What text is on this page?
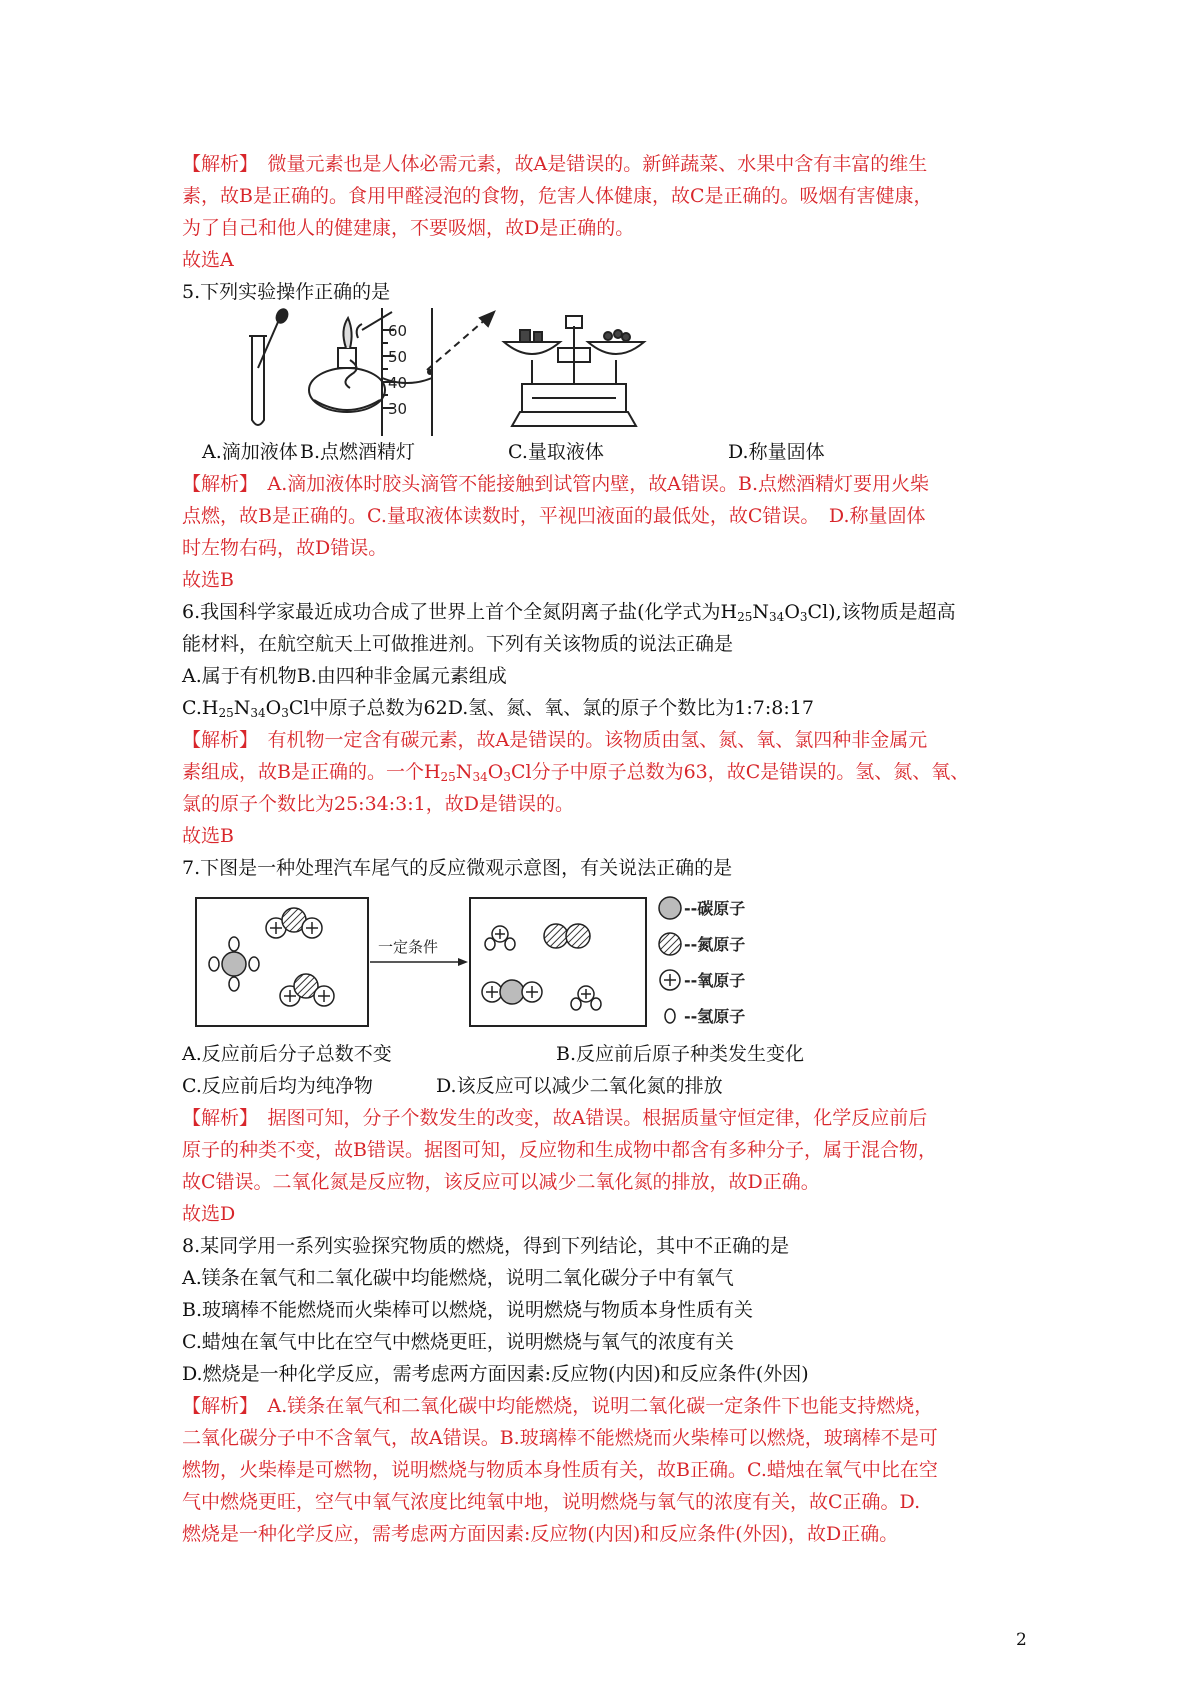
【解析】　微量元素也是人体必需元素，故A是错误的。新鲜蔬菜、水果中含有丰富的维生
素，故B是正确的。食用甲醛浸泡的食物，危害人体健康，故C是正确的。吸烟有害健康，
为了自己和他人的健建康，不要吸烟，故D是正确的。
故选A
5.下列实验操作正确的是
60
50
40
30
A.滴加液体 B.点燃酒精灯	C.量取液体	D.称量固体
【解析】　A.滴加液体时胶头滴管不能接触到试管内壁，故A错误。B.点燃酒精灯要用火柴
点燃，故B是正确的。C.量取液体读数时，平视凹液面的最低处，故C错误。　D.称量固体
时左物右码，故D错误。
故选B
6.我国科学家最近成功合成了世界上首个全氮阴离子盐(化学式为$H_{25}N_{34}O_3Cl$),该物质是超高
能材料，在航空航天上可做推进剂。下列有关该物质的说法正确是
A.属于有机物B.由四种非金属元素组成
$C.H_{25}N_{34}O_3Cl$中原子总数为62D.氢、氮、氧、氯的原子个数比为1:7:8:17
【解析】　有机物一定含有碳元素，故A是错误的。该物质由氢、氮、氧、氯四种非金属元
素组成，故B是正确的。一个$H_{25}N_{34}O_3Cl$分子中原子总数为63，故C是错误的。氢、氮、氧、
氯的原子个数比为25:34:3:1，故D是错误的。
故选B
7.下图是一种处理汽车尾气的反应微观示意图，有关说法正确的是
一定条件
--碳原子
--氮原子
--氧原子
--氢原子
A.反应前后分子总数不变	B.反应前后原子种类发生变化
C.反应前后均为纯净物	D.该反应可以减少二氧化氮的排放
【解析】　据图可知，分子个数发生的改变，故A错误。根据质量守恒定律，化学反应前后
原子的种类不变，故B错误。据图可知，反应物和生成物中都含有多种分子，属于混合物，
故C错误。二氧化氮是反应物，该反应可以减少二氧化氮的排放，故D正确。
故选D
8.某同学用一系列实验探究物质的燃烧，得到下列结论，其中不正确的是
A.镁条在氧气和二氧化碳中均能燃烧，说明二氧化碳分子中有氧气
B.玻璃棒不能燃烧而火柴棒可以燃烧，说明燃烧与物质本身性质有关
C.蜡烛在氧气中比在空气中燃烧更旺，说明燃烧与氧气的浓度有关
D.燃烧是一种化学反应，需考虑两方面因素:反应物(内因)和反应条件(外因)
【解析】　A.镁条在氧气和二氧化碳中均能燃烧，说明二氧化碳一定条件下也能支持燃烧，
二氧化碳分子中不含氧气，故A错误。B.玻璃棒不能燃烧而火柴棒可以燃烧，玻璃棒不是可
燃物，火柴棒是可燃物，说明燃烧与物质本身性质有关，故B正确。C.蜡烛在氧气中比在空
气中燃烧更旺，空气中氧气浓度比纯氧中地，说明燃烧与氧气的浓度有关，故C正确。D.
燃烧是一种化学反应，需考虑两方面因素:反应物(内因)和反应条件(外因)，故D正确。
2
